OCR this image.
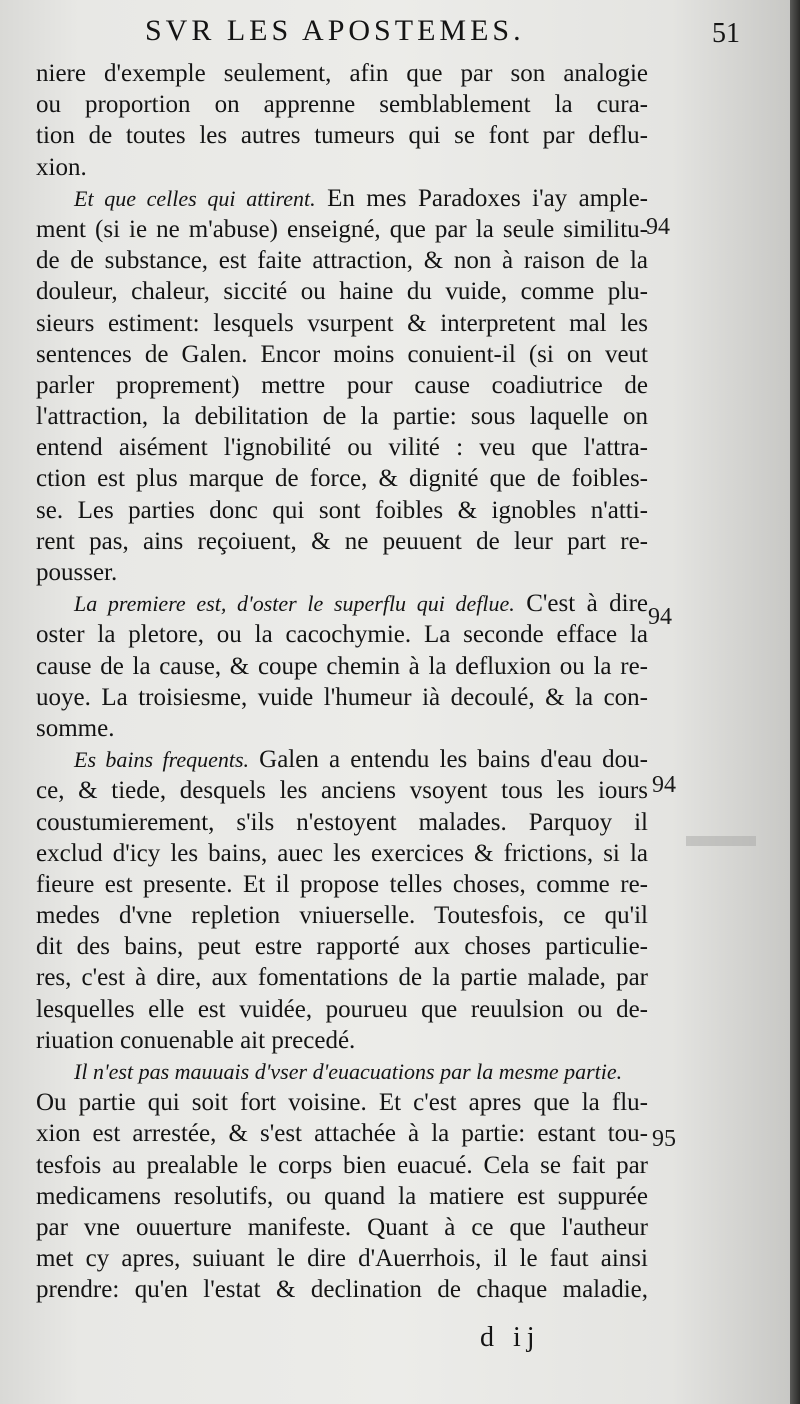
SVR LES APOSTEMES.	51
niere d'exemple seulement, afin que par son analogie
ou proportion on apprenne semblablement la cura-
tion de toutes les autres tumeurs qui se font par deflu-
xion.
Et que celles qui attirent. En mes Paradoxes i'ay ample-
ment (si ie ne m'abuse) enseigné, que par la seule similitu-
de de substance, est faite attraction, & non à raison de la
douleur, chaleur, siccité ou haine du vuide, comme plu-
sieurs estiment: lesquels vsurpent & interpretent mal les
sentences de Galen. Encor moins conuient-il (si on veut
parler proprement) mettre pour cause coadiutrice de
l'attraction, la debilitation de la partie: sous laquelle on
entend aisément l'ignobilité ou vilité : veu que l'attra-
ction est plus marque de force, & dignité que de foibles-
se. Les parties donc qui sont foibles & ignobles n'atti-
rent pas, ains reçoiuent, & ne peuuent de leur part re-
pousser.
La premiere est, d'oster le superflu qui deflue. C'est à dire
oster la pletore, ou la cacochymie. La seconde efface la
cause de la cause, & coupe chemin à la defluxion ou la re-
uoye. La troisiesme, vuide l'humeur ià decoulé, & la con-
somme.
Es bains frequents. Galen a entendu les bains d'eau dou-
ce, & tiede, desquels les anciens vsoyent tous les iours
coustumierement, s'ils n'estoyent malades. Parquoy il
exclud d'icy les bains, auec les exercices & frictions, si la
fieure est presente. Et il propose telles choses, comme re-
medes d'vne repletion vniuerselle. Toutesfois, ce qu'il
dit des bains, peut estre rapporté aux choses particulie-
res, c'est à dire, aux fomentations de la partie malade, par
lesquelles elle est vuidée, pourueu que reuulsion ou de-
riuation conuenable ait precedé.
Il n'est pas mauuais d'vser d'euacuations par la mesme partie.
Ou partie qui soit fort voisine. Et c'est apres que la flu-
xion est arrestée, & s'est attachée à la partie: estant tou-
tesfois au prealable le corps bien euacué. Cela se fait par
medicamens resolutifs, ou quand la matiere est suppurée
par vne ouuerture manifeste. Quant à ce que l'autheur
met cy apres, suiuant le dire d'Auerrhois, il le faut ainsi
prendre: qu'en l'estat & declination de chaque maladie,
94
94
94
95
d ij
